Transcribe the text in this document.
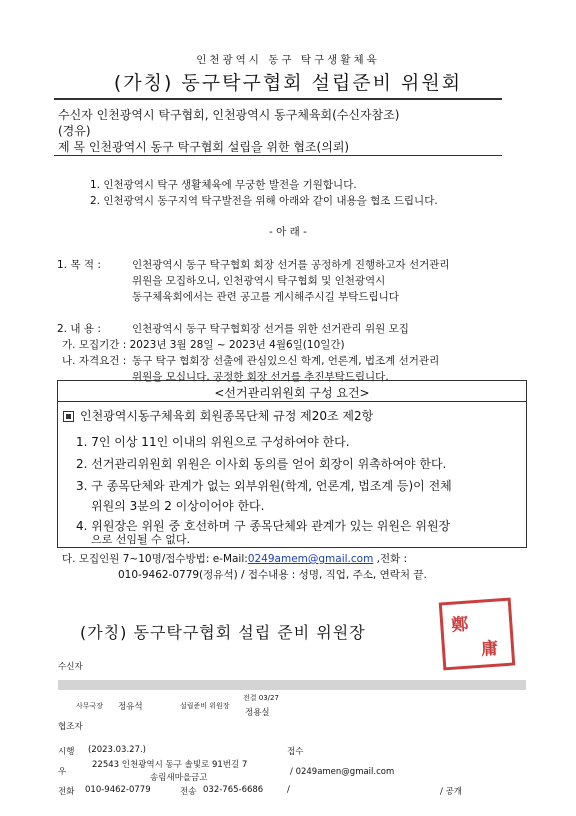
인천광역시 동구 탁구생활체육
(가칭) 동구탁구협회 설립준비 위원회
수신자 인천광역시 탁구협회, 인천광역시 동구체육회(수신자참조)
(경유)
제 목 인천광역시 동구 탁구협회 설립을 위한 협조(의뢰)
1. 인천광역시 탁구 생활체육에 무궁한 발전을 기원합니다.
2. 인천광역시 동구지역 탁구발전을 위해 아래와 같이 내용을 협조 드립니다.
- 아 래 -
1. 목 적 :	인천광역시 동구 탁구협회 회장 선거를 공정하게 진행하고자 선거관리
위원을 모집하오니, 인천광역시 탁구협회 및 인천광역시
동구체육회에서는 관련 공고를 게시해주시길 부탁드립니다
2. 내 용 :	인천광역시 동구 탁구협회장 선거를 위한 선거관리 위원 모집
가. 모집기간 : 2023년 3월 28일 ~ 2023년 4월6일(10일간)
나. 자격요건 : 동구 탁구 협회장 선출에 관심있으신 학계, 언론계, 법조계 선거관리
위원을 모십니다. 공정한 회장 선거를 추진부탁드립니다.
<선거관리위원회 구성 요건>
인천광역시동구체육회 회원종목단체 규정 제20조 제2항
1. 7인 이상 11인 이내의 위원으로 구성하여야 한다.
2. 선거관리위원회 위원은 이사회 동의를 얻어 회장이 위촉하여야 한다.
3. 구 종목단체와 관계가 없는 외부위원(학계, 언론계, 법조계 등)이 전체
위원의 3분의 2 이상이어야 한다.
4. 위원장은 위원 중 호선하며 구 종목단체와 관계가 있는 위원은 위원장
으로 선임될 수 없다.
다. 모집인원 7~10명/접수방법: e-Mail:0249amem@gmail.com ,전화 :
010-9462-0779(정유석) / 접수내용 : 성명, 직업, 주소, 연락처 끝.
(가칭) 동구탁구협회 설립 준비 위원장	鄭
庸
수신자
사무국장 정유석	설립준비 위원장
전결 03/27
정용실
협조자
시행 (2023.03.27.)	접수
우
22543 인천광역시 동구 솔빛로 91번길 7
송림새마을금고
/ 0249amen@gmail.com
전화 010-9462-0779	전송 032-765-6686	/	/ 공개
